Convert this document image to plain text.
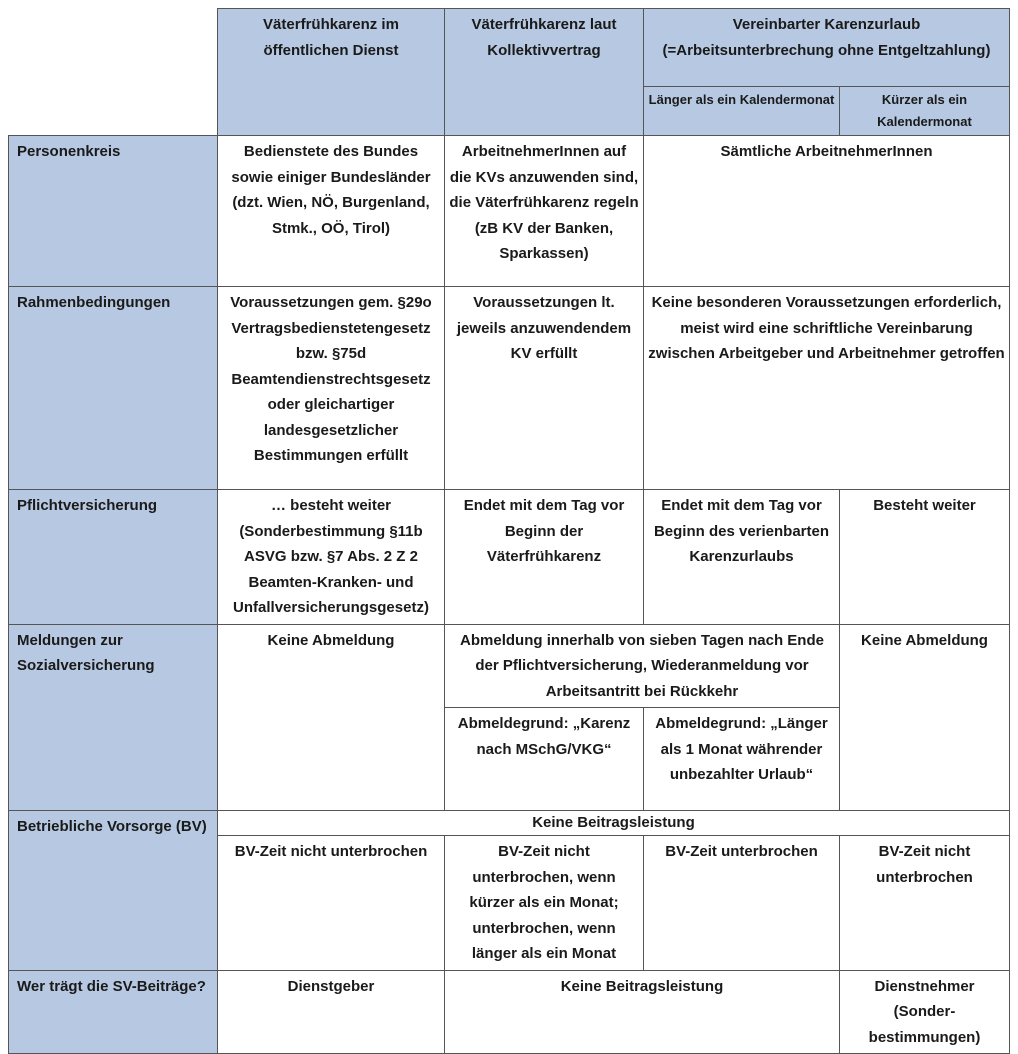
	Väterfrühkarenz im öffentlichen Dienst	Väterfrühkarenz laut Kollektivvertrag	Vereinbarter Karenzurlaub (=Arbeitsunterbrechung ohne Entgeltzahlung)	
			Länger als ein Kalendermonat	Kürzer als ein Kalendermonat
Personenkreis	Bedienstete des Bundes sowie einiger Bundesländer (dzt. Wien, NÖ, Burgenland, Stmk., OÖ, Tirol)	ArbeitnehmerInnen auf die KVs anzuwenden sind, die Väterfrühkarenz regeln (zB KV der Banken, Sparkassen)	Sämtliche ArbeitnehmerInnen	
Rahmenbedingungen	Voraussetzungen gem. §29o Vertragsbedienstetengesetz bzw. §75d Beamtendienstrechtsgesetz oder gleichartiger landesgesetzlicher Bestimmungen erfüllt	Voraussetzungen lt. jeweils anzuwendendem KV erfüllt	Keine besonderen Voraussetzungen erforderlich, meist wird eine schriftliche Vereinbarung zwischen Arbeitgeber und Arbeitnehmer getroffen	
Pflichtversicherung	… besteht weiter (Sonderbestimmung §11b ASVG bzw. §7 Abs. 2 Z 2 Beamten-Kranken- und Unfallversicherungsgesetz)	Endet mit dem Tag vor Beginn der Väterfrühkarenz	Endet mit dem Tag vor Beginn des verienbarten Karenzurlaubs	Besteht weiter
Meldungen zur Sozialversicherung	Keine Abmeldung	Abmeldung innerhalb von sieben Tagen nach Ende der Pflichtversicherung, Wiederanmeldung vor Arbeitsantritt bei Rückkehr		Keine Abmeldung
		Abmeldegrund: „Karenz nach MSchG/VKG“	Abmeldegrund: „Länger als 1 Monat währender unbezahlter Urlaub“	
Betriebliche Vorsorge (BV)	Keine Beitragsleistung			
	BV-Zeit nicht unterbrochen	BV-Zeit nicht unterbrochen, wenn kürzer als ein Monat; unterbrochen, wenn länger als ein Monat	BV-Zeit unterbrochen	BV-Zeit nicht unterbrochen
Wer trägt die SV-Beiträge?	Dienstgeber	Keine Beitragsleistung		Dienstnehmer (Sonder-bestimmungen)
